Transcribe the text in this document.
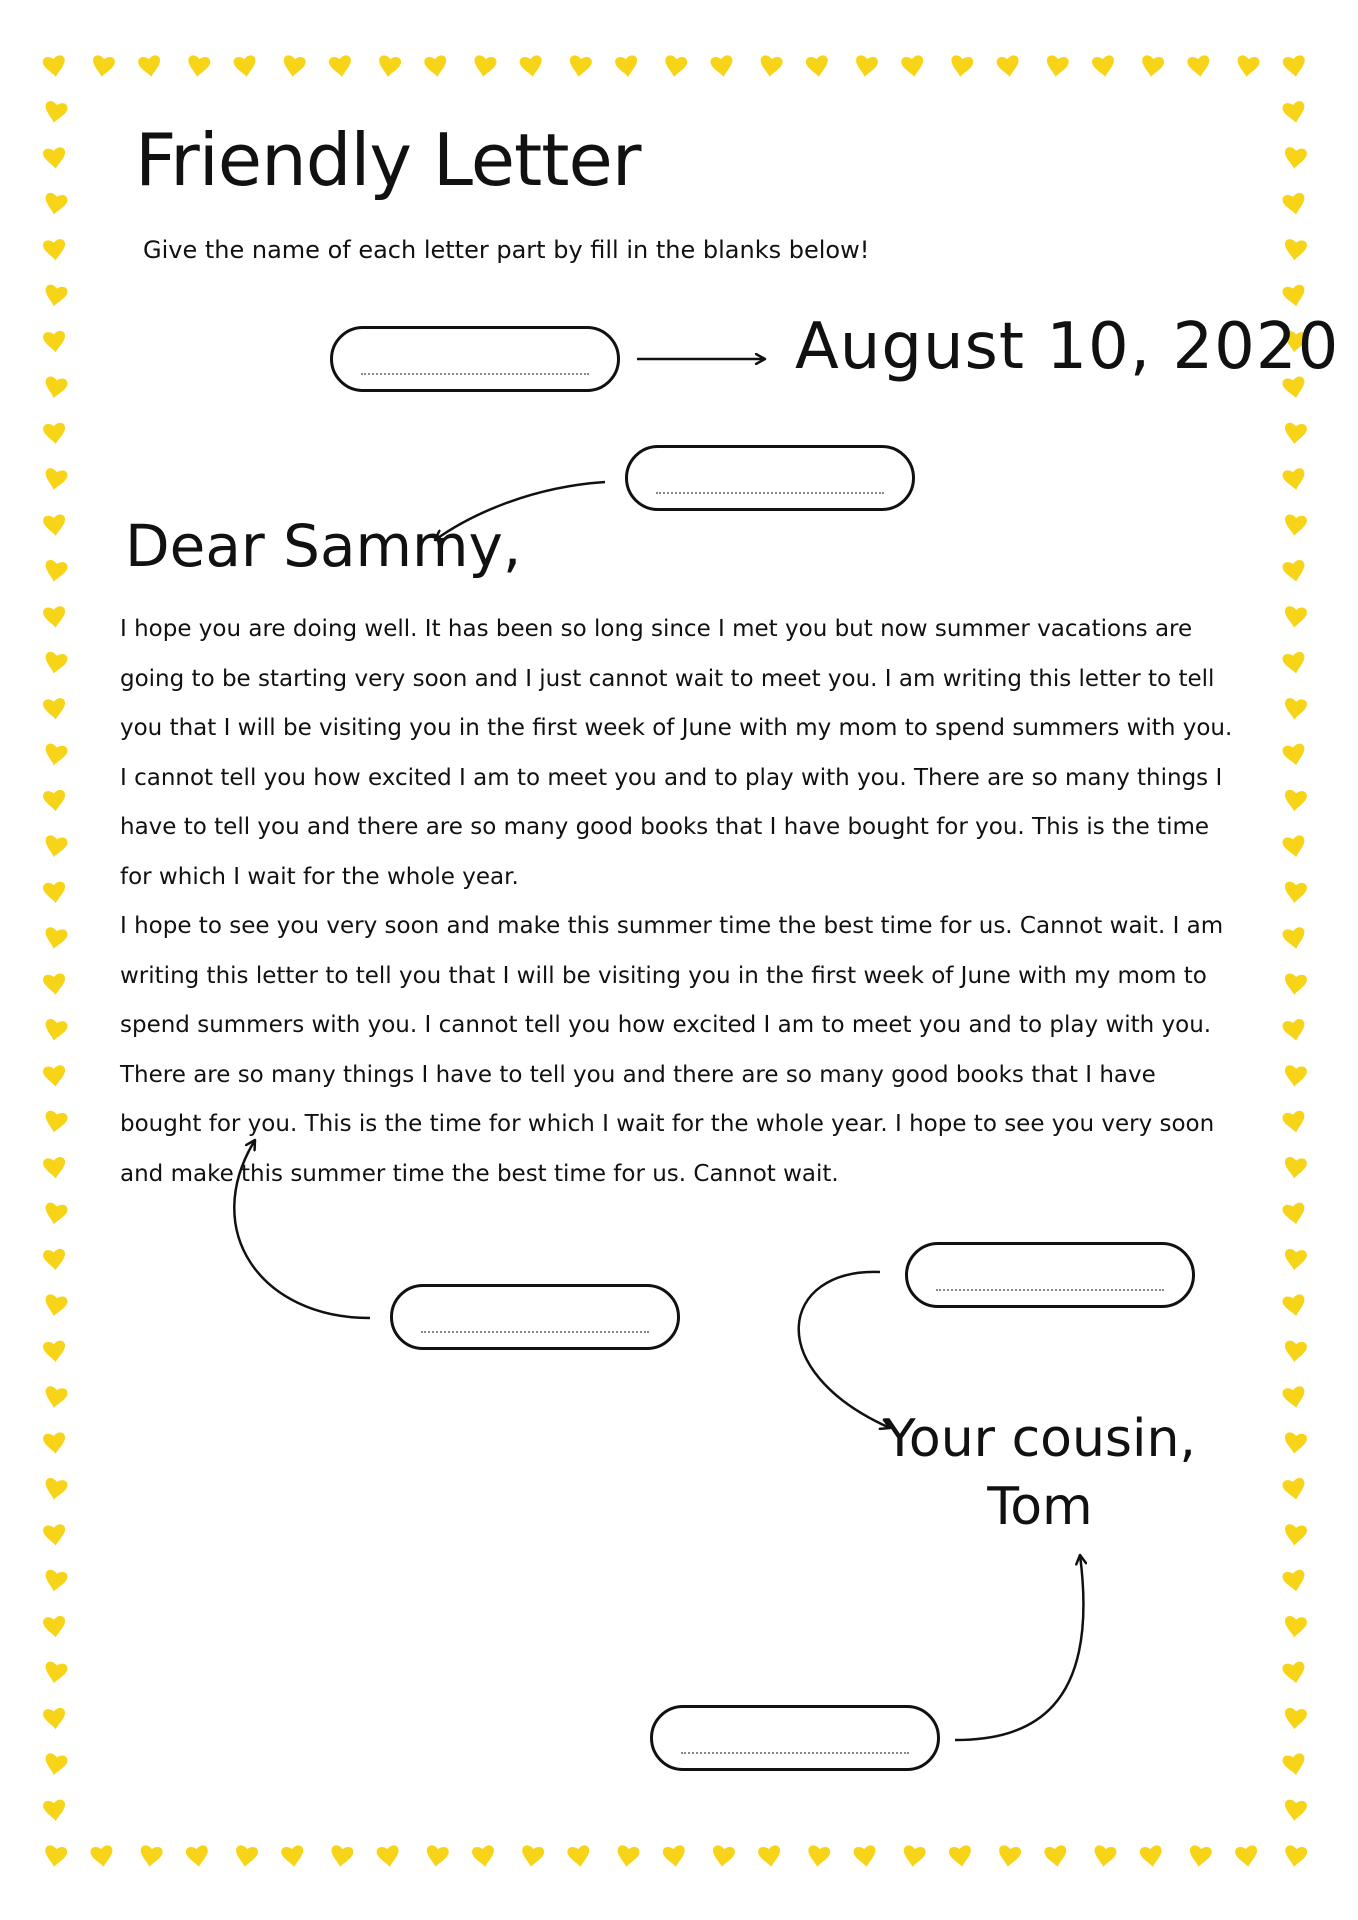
Friendly Letter

Give the name of each letter part by fill in the blanks below!

August 10, 2020
Dear Sammy,

I hope you are doing well. It has been so long since I met you but now summer vacations are going to be starting very soon and I just cannot wait to meet you. I am writing this letter to tell you that I will be visiting you in the first week of June with my mom to spend summers with you. I cannot tell you how excited I am to meet you and to play with you. There are so many things I have to tell you and there are so many good books that I have bought for you. This is the time for which I wait for the whole year.
I hope to see you very soon and make this summer time the best time for us. Cannot wait. I am writing this letter to tell you that I will be visiting you in the first week of June with my mom to spend summers with you. I cannot tell you how excited I am to meet you and to play with you. There are so many things I have to tell you and there are so many good books that I have bought for you. This is the time for which I wait for the whole year. I hope to see you very soon and make this summer time the best time for us. Cannot wait.

Your cousin,
Tom
